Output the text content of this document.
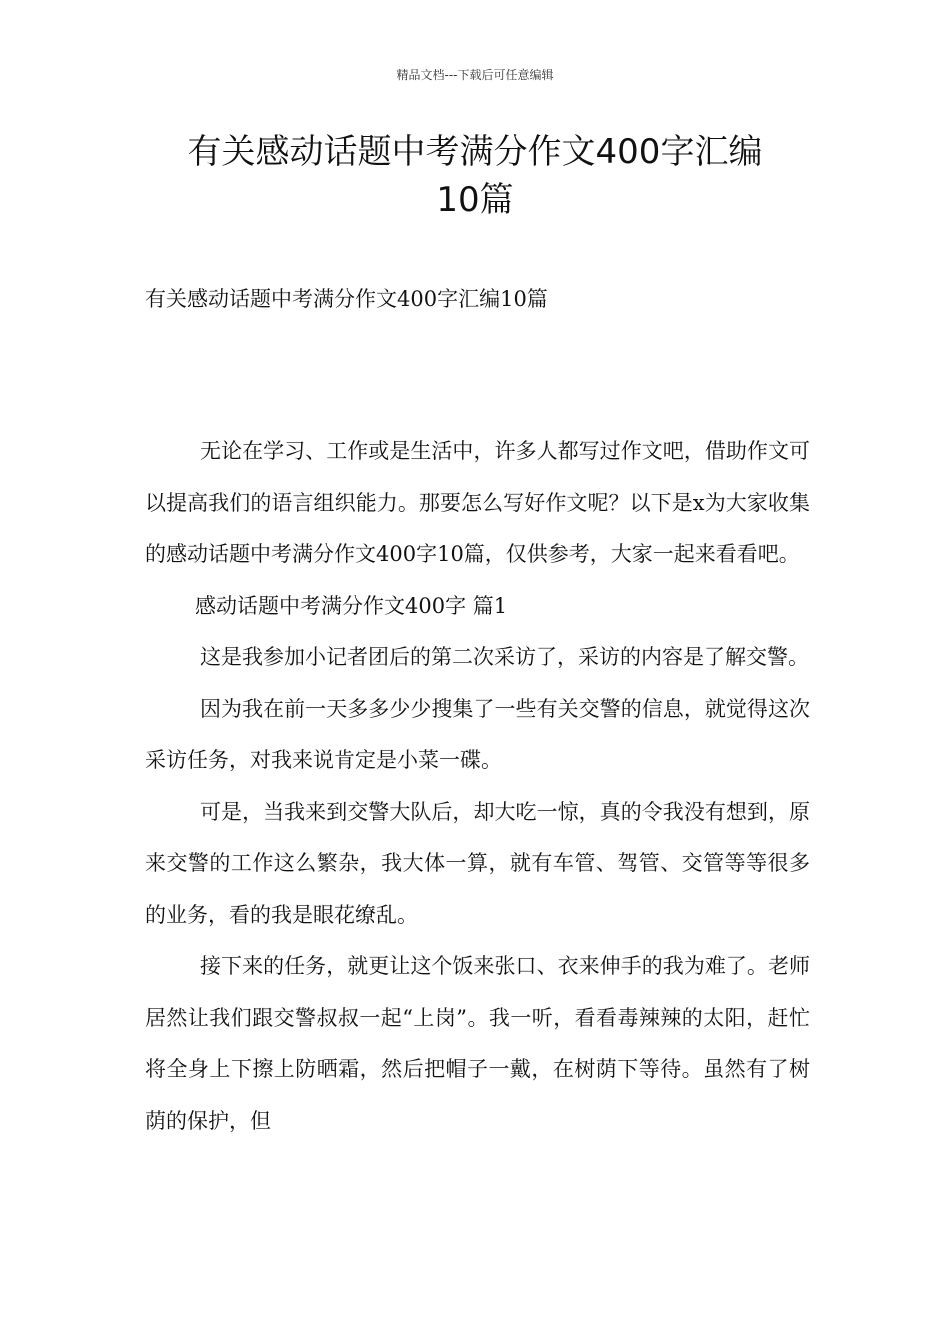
精品文档---下载后可任意编辑
有关感动话题中考满分作文400字汇编
10篇
有关感动话题中考满分作文400字汇编10篇

无论在学习、工作或是生活中，许多人都写过作文吧，借助作文可以提高我们的语言组织能力。那要怎么写好作文呢？以下是x为大家收集的感动话题中考满分作文400字10篇，仅供参考，大家一起来看看吧。

感动话题中考满分作文400字 篇1

这是我参加小记者团后的第二次采访了，采访的内容是了解交警。

因为我在前一天多多少少搜集了一些有关交警的信息，就觉得这次采访任务，对我来说肯定是小菜一碟。

可是，当我来到交警大队后，却大吃一惊，真的令我没有想到，原来交警的工作这么繁杂，我大体一算，就有车管、驾管、交管等等很多的业务，看的我是眼花缭乱。

接下来的任务，就更让这个饭来张口、衣来伸手的我为难了。老师居然让我们跟交警叔叔一起“上岗”。我一听，看看毒辣辣的太阳，赶忙将全身上下擦上防晒霜，然后把帽子一戴，在树荫下等待。虽然有了树荫的保护，但
